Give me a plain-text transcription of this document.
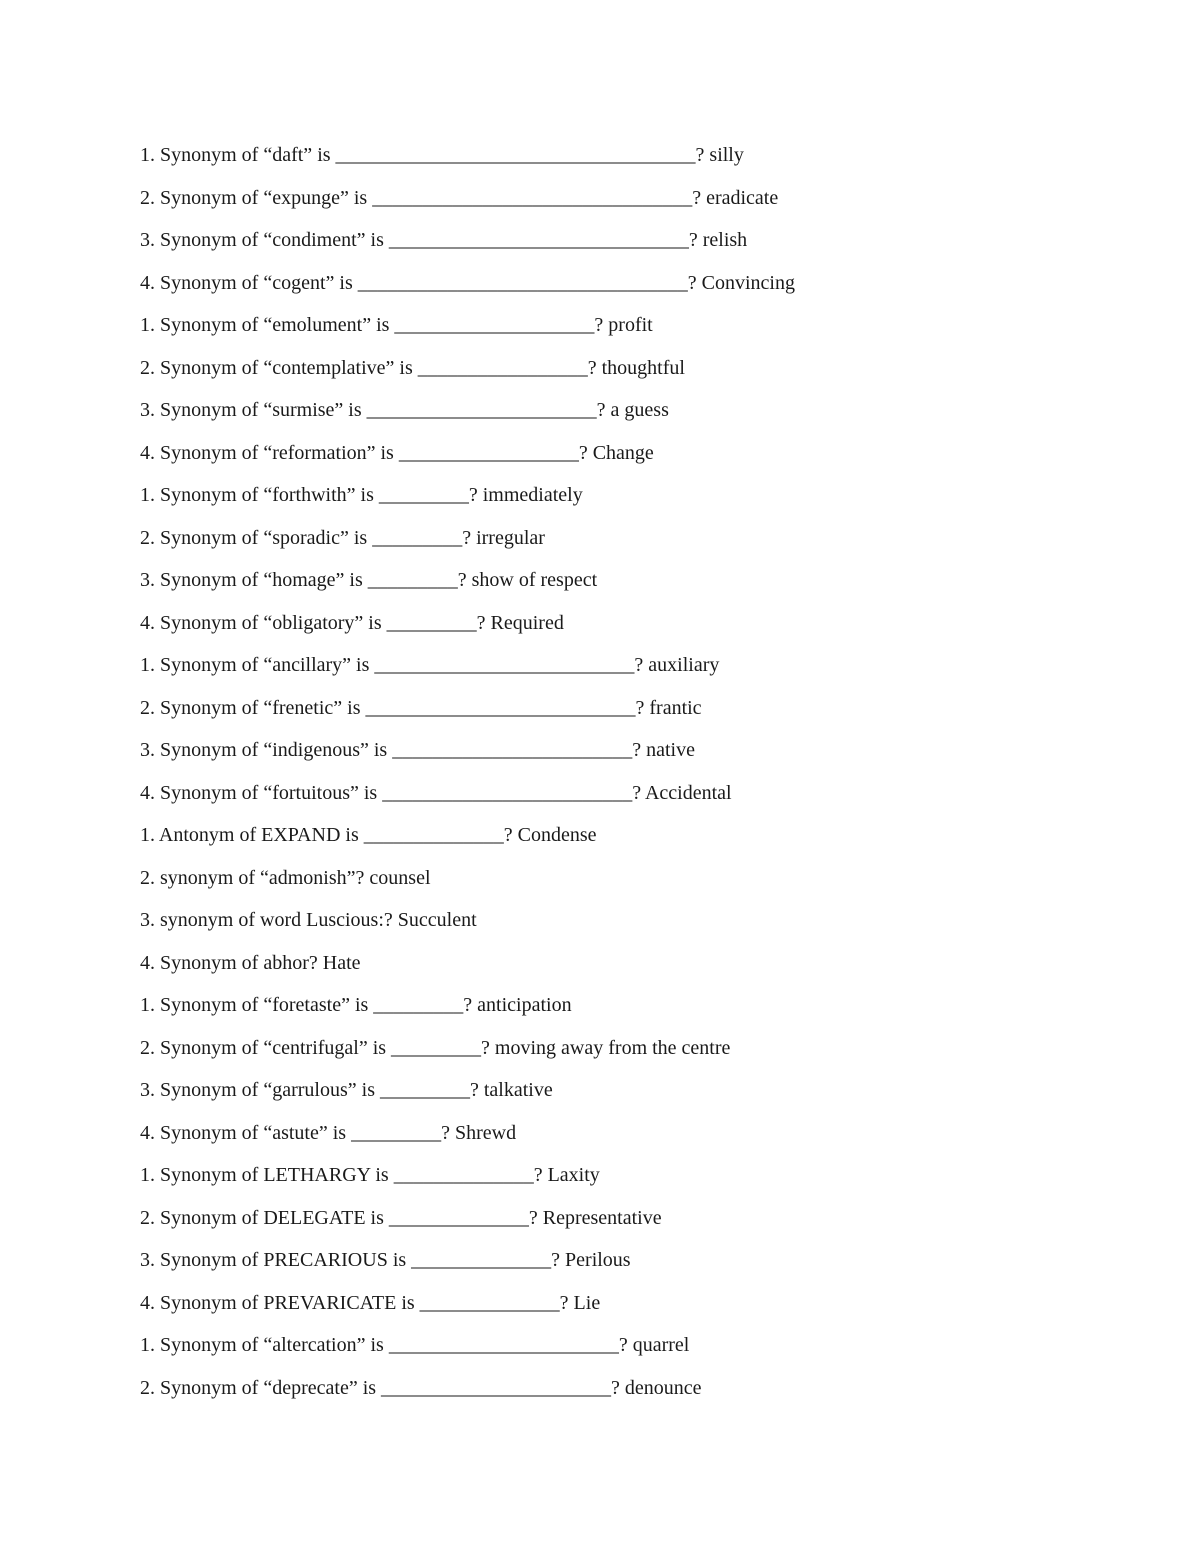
1. Synonym of “daft” is ____________________________________? silly
2. Synonym of “expunge” is ________________________________? eradicate
3. Synonym of “condiment” is ______________________________? relish
4. Synonym of “cogent” is _________________________________? Convincing
1. Synonym of “emolument” is ____________________? profit
2. Synonym of “contemplative” is _________________? thoughtful
3. Synonym of “surmise” is _______________________? a guess
4. Synonym of “reformation” is __________________? Change
1. Synonym of “forthwith” is _________? immediately
2. Synonym of “sporadic” is _________? irregular
3. Synonym of “homage” is _________? show of respect
4. Synonym of “obligatory” is _________? Required
1. Synonym of “ancillary” is __________________________? auxiliary
2. Synonym of “frenetic” is ___________________________? frantic
3. Synonym of “indigenous” is ________________________? native
4. Synonym of “fortuitous” is _________________________? Accidental
1. Antonym of EXPAND is ______________? Condense
2. synonym of “admonish”? counsel
3. synonym of word Luscious:? Succulent
4. Synonym of abhor? Hate
1. Synonym of “foretaste” is _________? anticipation
2. Synonym of “centrifugal” is _________? moving away from the centre
3. Synonym of “garrulous” is _________? talkative
4. Synonym of “astute” is _________? Shrewd
1. Synonym of LETHARGY is ______________? Laxity
2. Synonym of DELEGATE is ______________? Representative
3. Synonym of PRECARIOUS is ______________? Perilous
4. Synonym of PREVARICATE is ______________? Lie
1. Synonym of “altercation” is _______________________? quarrel
2. Synonym of “deprecate” is _______________________? denounce
